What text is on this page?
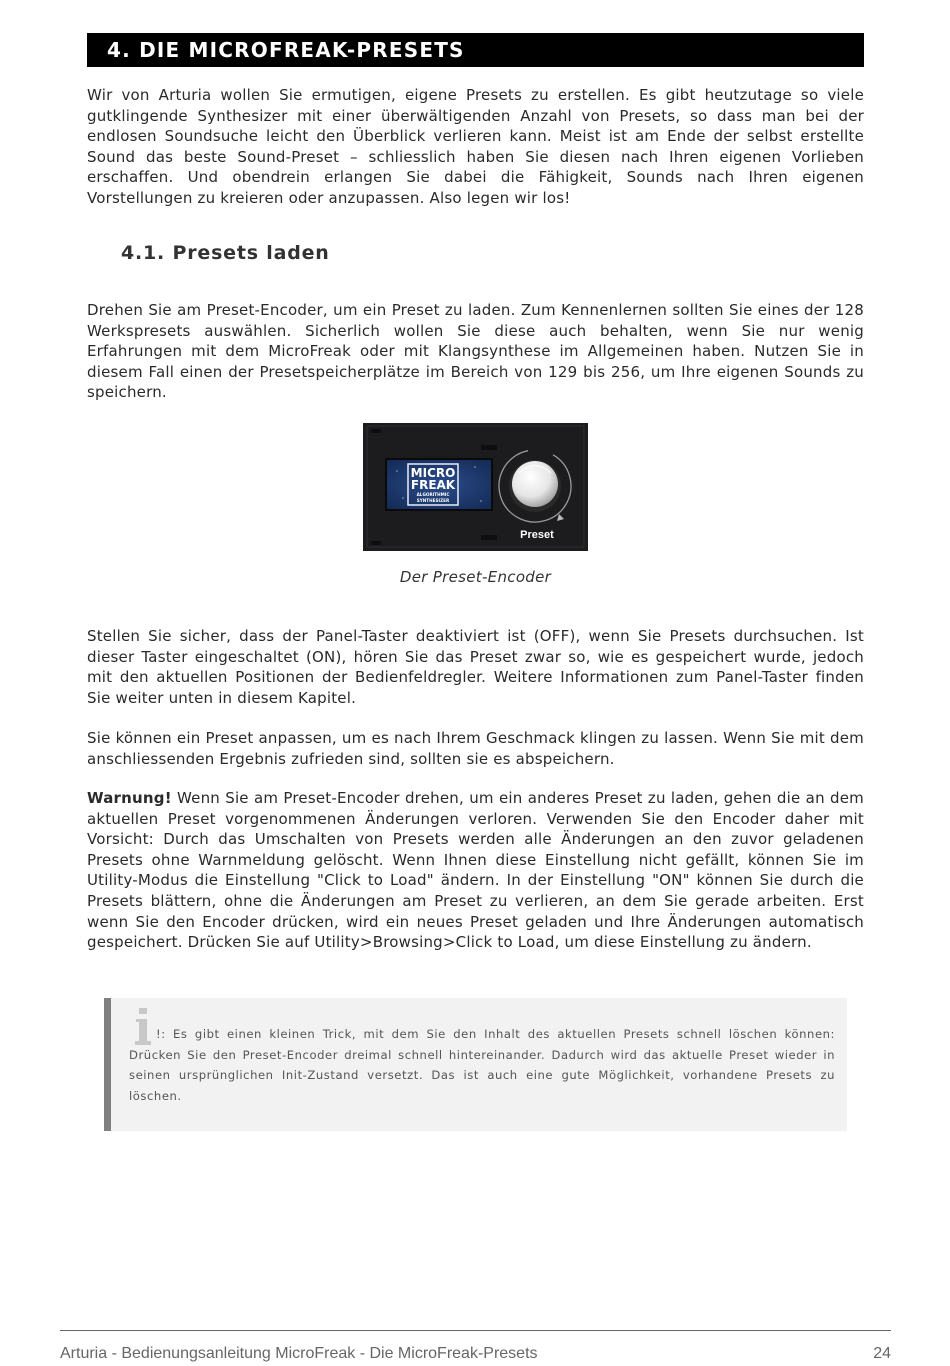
4. DIE MICROFREAK-PRESETS

Wir von Arturia wollen Sie ermutigen, eigene Presets zu erstellen. Es gibt heutzutage so viele gutklingende Synthesizer mit einer überwältigenden Anzahl von Presets, so dass man bei der endlosen Soundsuche leicht den Überblick verlieren kann. Meist ist am Ende der selbst erstellte Sound das beste Sound-Preset – schliesslich haben Sie diesen nach Ihren eigenen Vorlieben erschaffen. Und obendrein erlangen Sie dabei die Fähigkeit, Sounds nach Ihren eigenen Vorstellungen zu kreieren oder anzupassen. Also legen wir los!

4.1. Presets laden

Drehen Sie am Preset-Encoder, um ein Preset zu laden. Zum Kennenlernen sollten Sie eines der 128 Werkspresets auswählen. Sicherlich wollen Sie diese auch behalten, wenn Sie nur wenig Erfahrungen mit dem MicroFreak oder mit Klangsynthese im Allgemeinen haben. Nutzen Sie in diesem Fall einen der Presetspeicherplätze im Bereich von 129 bis 256, um Ihre eigenen Sounds zu speichern.

MICRO
FREAK
ALGORITHMIC
SYNTHESIZER
Preset

Der Preset-Encoder

Stellen Sie sicher, dass der Panel-Taster deaktiviert ist (OFF), wenn Sie Presets durchsuchen. Ist dieser Taster eingeschaltet (ON), hören Sie das Preset zwar so, wie es gespeichert wurde, jedoch mit den aktuellen Positionen der Bedienfeldregler. Weitere Informationen zum Panel-Taster finden Sie weiter unten in diesem Kapitel.

Sie können ein Preset anpassen, um es nach Ihrem Geschmack klingen zu lassen. Wenn Sie mit dem anschliessenden Ergebnis zufrieden sind, sollten sie es abspeichern.

Warnung! Wenn Sie am Preset-Encoder drehen, um ein anderes Preset zu laden, gehen die an dem aktuellen Preset vorgenommenen Änderungen verloren. Verwenden Sie den Encoder daher mit Vorsicht: Durch das Umschalten von Presets werden alle Änderungen an den zuvor geladenen Presets ohne Warnmeldung gelöscht. Wenn Ihnen diese Einstellung nicht gefällt, können Sie im Utility-Modus die Einstellung "Click to Load" ändern. In der Einstellung "ON" können Sie durch die Presets blättern, ohne die Änderungen am Preset zu verlieren, an dem Sie gerade arbeiten. Erst wenn Sie den Encoder drücken, wird ein neues Preset geladen und Ihre Änderungen automatisch gespeichert. Drücken Sie auf Utility>Browsing>Click to Load, um diese Einstellung zu ändern.

!: Es gibt einen kleinen Trick, mit dem Sie den Inhalt des aktuellen Presets schnell löschen können: Drücken Sie den Preset-Encoder dreimal schnell hintereinander. Dadurch wird das aktuelle Preset wieder in seinen ursprünglichen Init-Zustand versetzt. Das ist auch eine gute Möglichkeit, vorhandene Presets zu löschen.

Arturia - Bedienungsanleitung MicroFreak - Die MicroFreak-Presets	24
